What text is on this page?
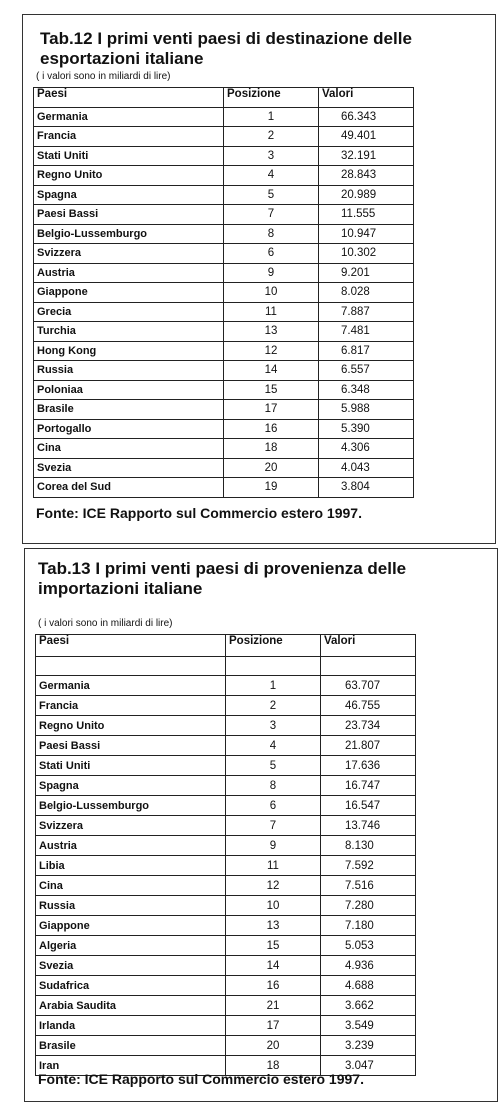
Tab.12 I primi venti paesi di destinazione delle esportazioni italiane
( i valori sono in miliardi di lire)
Paesi	Posizione	Valori
Germania	1	66.343
Francia	2	49.401
Stati Uniti	3	32.191
Regno Unito	4	28.843
Spagna	5	20.989
Paesi Bassi	7	11.555
Belgio-Lussemburgo	8	10.947
Svizzera	6	10.302
Austria	9	9.201
Giappone	10	8.028
Grecia	11	7.887
Turchia	13	7.481
Hong Kong	12	6.817
Russia	14	6.557
Poloniaa	15	6.348
Brasile	17	5.988
Portogallo	16	5.390
Cina	18	4.306
Svezia	20	4.043
Corea del Sud	19	3.804
Fonte: ICE Rapporto sul Commercio estero 1997.
Tab.13 I primi venti paesi di provenienza delle importazioni italiane
( i valori sono in miliardi di lire)
Paesi	Posizione	Valori

Germania	1	63.707
Francia	2	46.755
Regno Unito	3	23.734
Paesi Bassi	4	21.807
Stati Uniti	5	17.636
Spagna	8	16.747
Belgio-Lussemburgo	6	16.547
Svizzera	7	13.746
Austria	9	8.130
Libia	11	7.592
Cina	12	7.516
Russia	10	7.280
Giappone	13	7.180
Algeria	15	5.053
Svezia	14	4.936
Sudafrica	16	4.688
Arabia Saudita	21	3.662
Irlanda	17	3.549
Brasile	20	3.239
Iran	18	3.047
Fonte: ICE Rapporto sul Commercio estero 1997.
